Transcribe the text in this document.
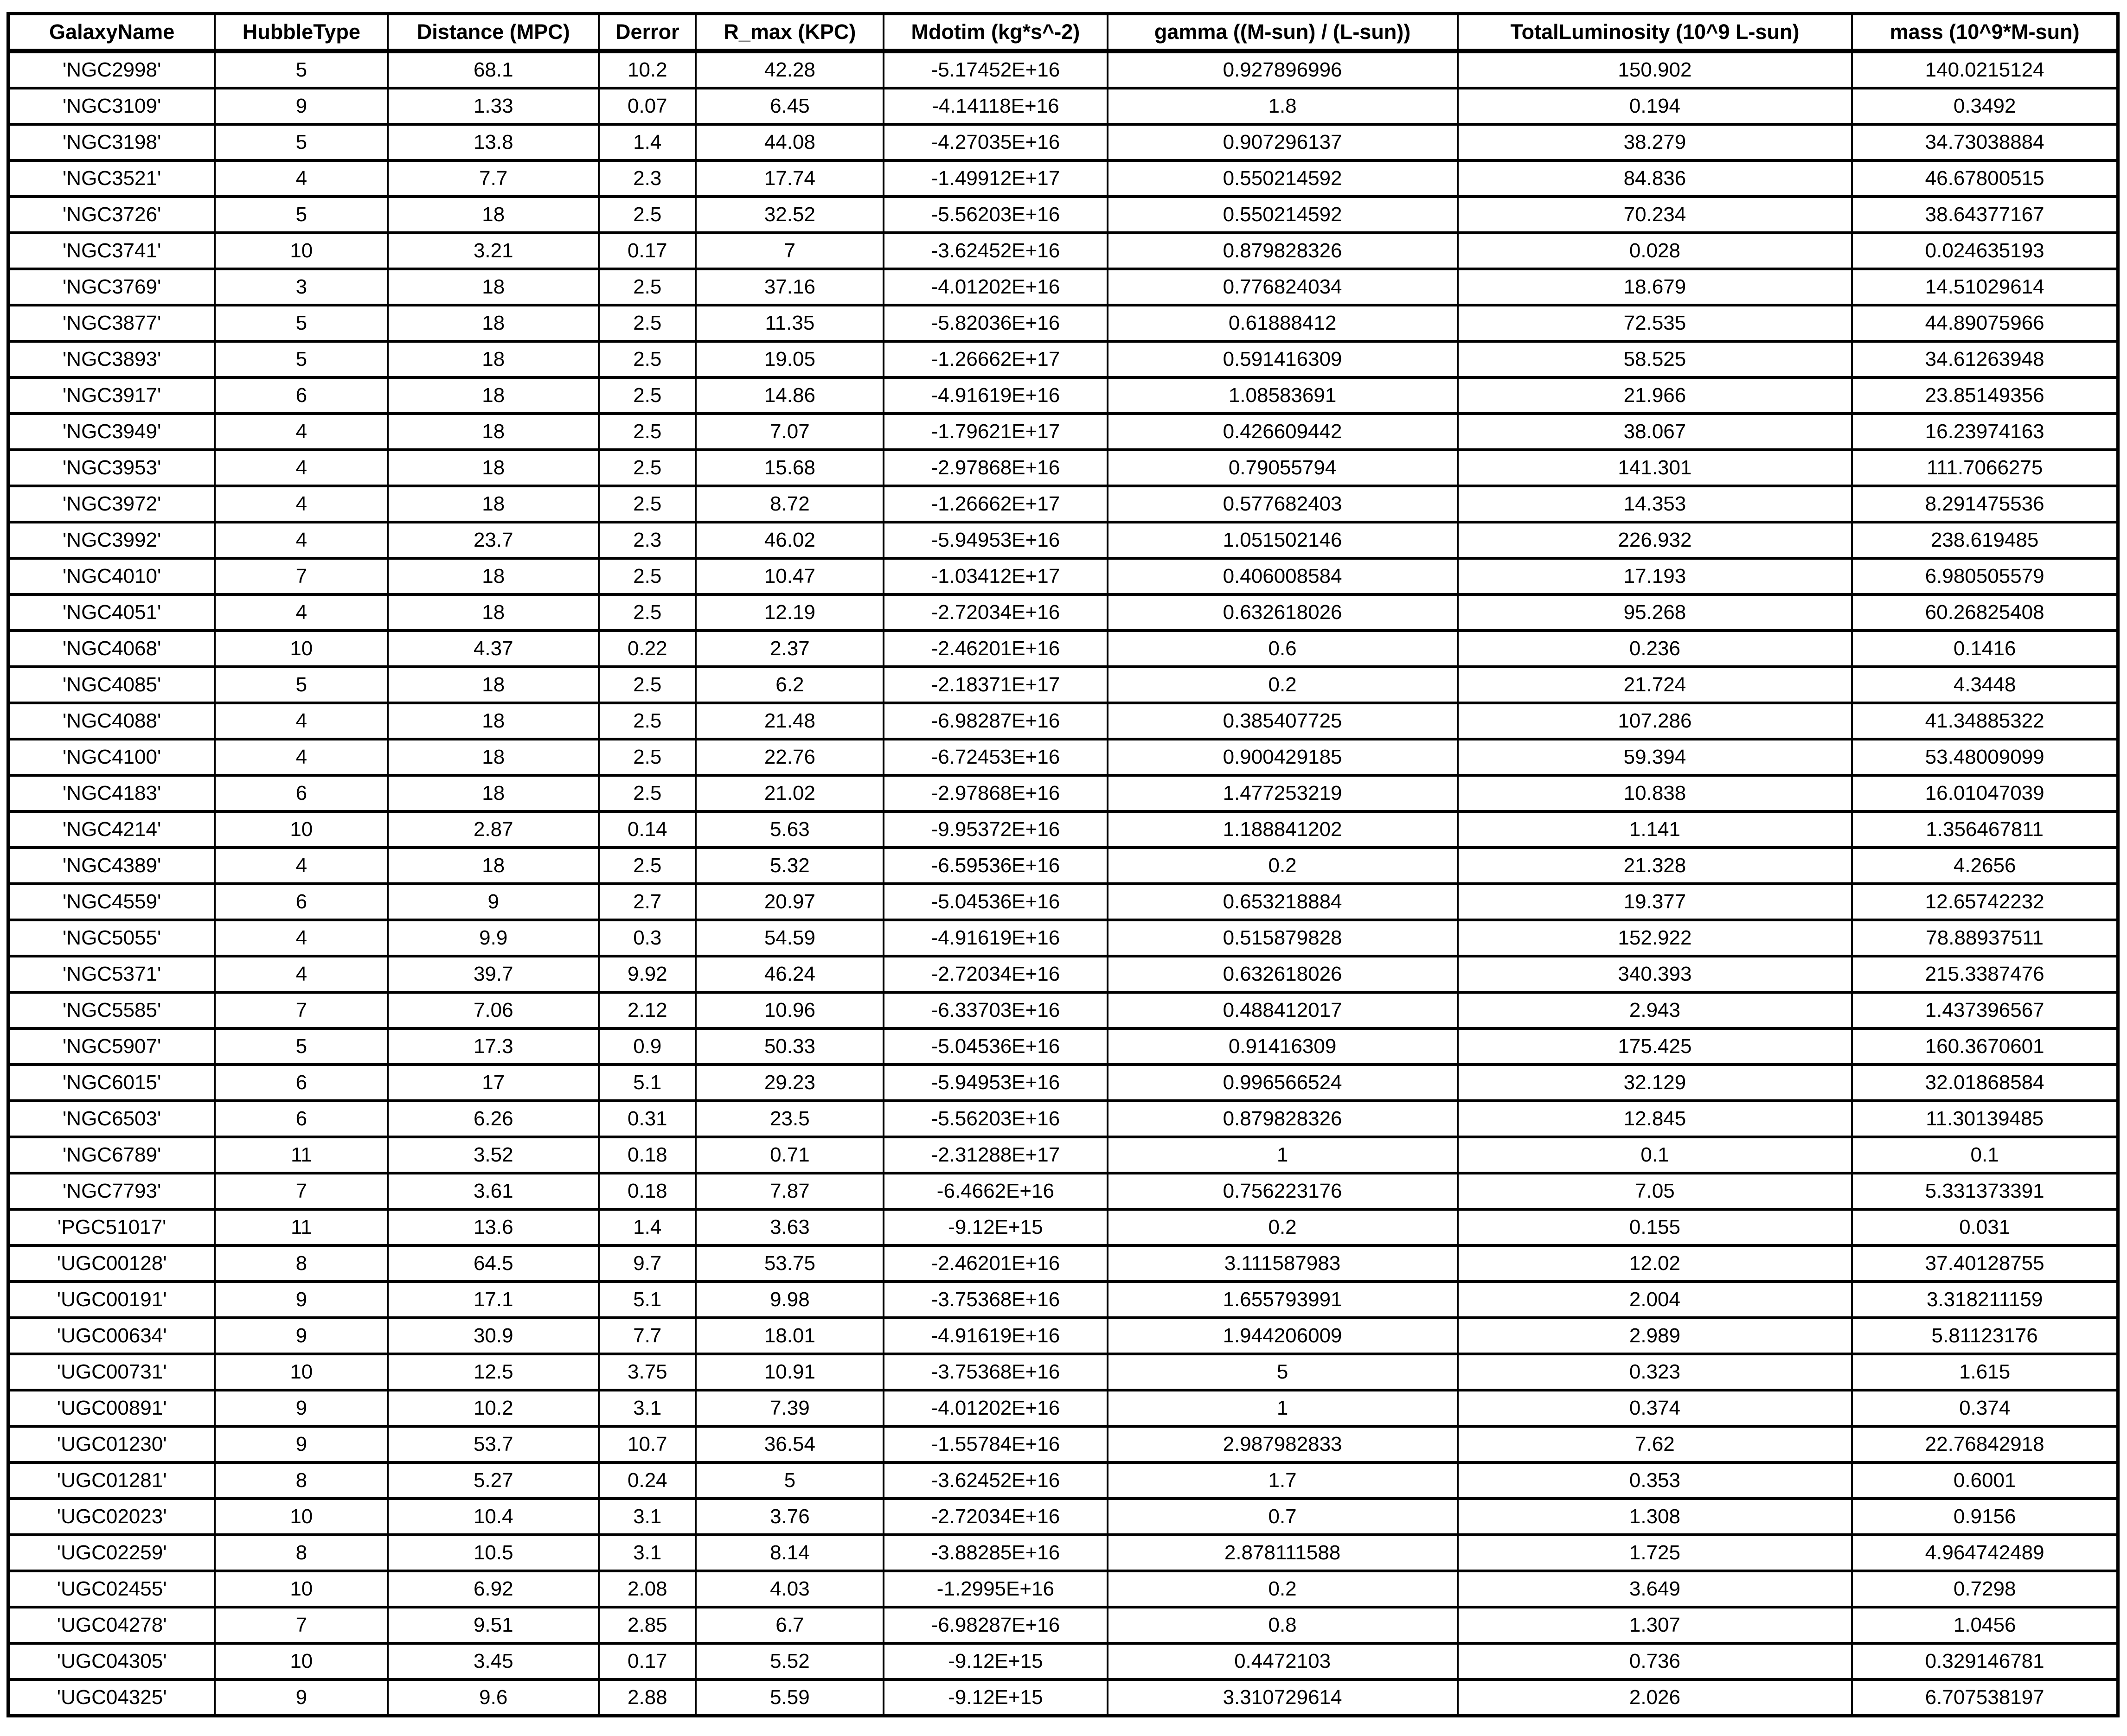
GalaxyName	HubbleType	Distance (MPC)	Derror	R_max (KPC)	Mdotim (kg*s^-2)	gamma ((M-sun) / (L-sun))	TotalLuminosity (10^9 L-sun)	mass (10^9*M-sun)
'NGC2998'	5	68.1	10.2	42.28	-5.17452E+16	0.927896996	150.902	140.0215124
'NGC3109'	9	1.33	0.07	6.45	-4.14118E+16	1.8	0.194	0.3492
'NGC3198'	5	13.8	1.4	44.08	-4.27035E+16	0.907296137	38.279	34.73038884
'NGC3521'	4	7.7	2.3	17.74	-1.49912E+17	0.550214592	84.836	46.67800515
'NGC3726'	5	18	2.5	32.52	-5.56203E+16	0.550214592	70.234	38.64377167
'NGC3741'	10	3.21	0.17	7	-3.62452E+16	0.879828326	0.028	0.024635193
'NGC3769'	3	18	2.5	37.16	-4.01202E+16	0.776824034	18.679	14.51029614
'NGC3877'	5	18	2.5	11.35	-5.82036E+16	0.61888412	72.535	44.89075966
'NGC3893'	5	18	2.5	19.05	-1.26662E+17	0.591416309	58.525	34.61263948
'NGC3917'	6	18	2.5	14.86	-4.91619E+16	1.08583691	21.966	23.85149356
'NGC3949'	4	18	2.5	7.07	-1.79621E+17	0.426609442	38.067	16.23974163
'NGC3953'	4	18	2.5	15.68	-2.97868E+16	0.79055794	141.301	111.7066275
'NGC3972'	4	18	2.5	8.72	-1.26662E+17	0.577682403	14.353	8.291475536
'NGC3992'	4	23.7	2.3	46.02	-5.94953E+16	1.051502146	226.932	238.619485
'NGC4010'	7	18	2.5	10.47	-1.03412E+17	0.406008584	17.193	6.980505579
'NGC4051'	4	18	2.5	12.19	-2.72034E+16	0.632618026	95.268	60.26825408
'NGC4068'	10	4.37	0.22	2.37	-2.46201E+16	0.6	0.236	0.1416
'NGC4085'	5	18	2.5	6.2	-2.18371E+17	0.2	21.724	4.3448
'NGC4088'	4	18	2.5	21.48	-6.98287E+16	0.385407725	107.286	41.34885322
'NGC4100'	4	18	2.5	22.76	-6.72453E+16	0.900429185	59.394	53.48009099
'NGC4183'	6	18	2.5	21.02	-2.97868E+16	1.477253219	10.838	16.01047039
'NGC4214'	10	2.87	0.14	5.63	-9.95372E+16	1.188841202	1.141	1.356467811
'NGC4389'	4	18	2.5	5.32	-6.59536E+16	0.2	21.328	4.2656
'NGC4559'	6	9	2.7	20.97	-5.04536E+16	0.653218884	19.377	12.65742232
'NGC5055'	4	9.9	0.3	54.59	-4.91619E+16	0.515879828	152.922	78.88937511
'NGC5371'	4	39.7	9.92	46.24	-2.72034E+16	0.632618026	340.393	215.3387476
'NGC5585'	7	7.06	2.12	10.96	-6.33703E+16	0.488412017	2.943	1.437396567
'NGC5907'	5	17.3	0.9	50.33	-5.04536E+16	0.91416309	175.425	160.3670601
'NGC6015'	6	17	5.1	29.23	-5.94953E+16	0.996566524	32.129	32.01868584
'NGC6503'	6	6.26	0.31	23.5	-5.56203E+16	0.879828326	12.845	11.30139485
'NGC6789'	11	3.52	0.18	0.71	-2.31288E+17	1	0.1	0.1
'NGC7793'	7	3.61	0.18	7.87	-6.4662E+16	0.756223176	7.05	5.331373391
'PGC51017'	11	13.6	1.4	3.63	-9.12E+15	0.2	0.155	0.031
'UGC00128'	8	64.5	9.7	53.75	-2.46201E+16	3.111587983	12.02	37.40128755
'UGC00191'	9	17.1	5.1	9.98	-3.75368E+16	1.655793991	2.004	3.318211159
'UGC00634'	9	30.9	7.7	18.01	-4.91619E+16	1.944206009	2.989	5.81123176
'UGC00731'	10	12.5	3.75	10.91	-3.75368E+16	5	0.323	1.615
'UGC00891'	9	10.2	3.1	7.39	-4.01202E+16	1	0.374	0.374
'UGC01230'	9	53.7	10.7	36.54	-1.55784E+16	2.987982833	7.62	22.76842918
'UGC01281'	8	5.27	0.24	5	-3.62452E+16	1.7	0.353	0.6001
'UGC02023'	10	10.4	3.1	3.76	-2.72034E+16	0.7	1.308	0.9156
'UGC02259'	8	10.5	3.1	8.14	-3.88285E+16	2.878111588	1.725	4.964742489
'UGC02455'	10	6.92	2.08	4.03	-1.2995E+16	0.2	3.649	0.7298
'UGC04278'	7	9.51	2.85	6.7	-6.98287E+16	0.8	1.307	1.0456
'UGC04305'	10	3.45	0.17	5.52	-9.12E+15	0.4472103	0.736	0.329146781
'UGC04325'	9	9.6	2.88	5.59	-9.12E+15	3.310729614	2.026	6.707538197
